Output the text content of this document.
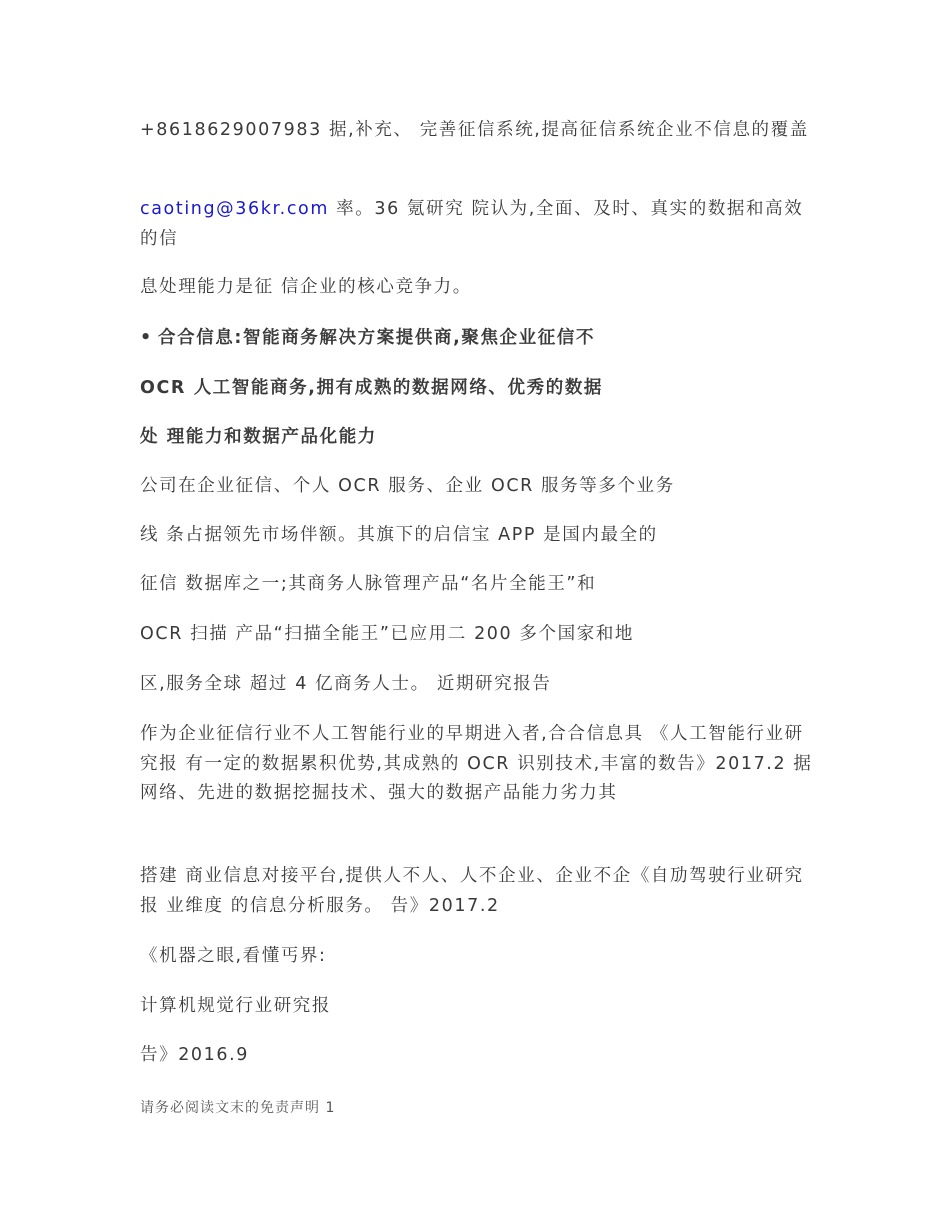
+8618629007983 据,补充、 完善征信系统,提高征信系统企业不信息的覆盖

caoting@36kr.com 率。36 氪研究 院认为,全面、及时、真实的数据和高效的信

息处理能力是征 信企业的核心竞争力。

• 合合信息:智能商务解决方案提供商,聚焦企业征信不

OCR 人工智能商务,拥有成熟的数据网络、优秀的数据

处 理能力和数据产品化能力

公司在企业征信、个人 OCR 服务、企业 OCR 服务等多个业务

线 条占据领先市场伴额。其旗下的启信宝 APP 是国内最全的

征信 数据库之一;其商务人脉管理产品“名片全能王”和

OCR 扫描 产品“扫描全能王”已应用二 200 多个国家和地

区,服务全球 超过 4 亿商务人士。 近期研究报告

作为企业征信行业不人工智能行业的早期进入者,合合信息具 《人工智能行业研究报 有一定的数据累积优势,其成熟的 OCR 识别技术,丰富的数告》2017.2 据 网络、先进的数据挖掘技术、强大的数据产品能力劣力其

搭建 商业信息对接平台,提供人不人、人不企业、企业不企《自劢驾驶行业研究报 业维度 的信息分析服务。 告》2017.2

《机器之眼,看懂丐界:

计算机规觉行业研究报

告》2016.9

请务必阅读文末的免责声明 1
